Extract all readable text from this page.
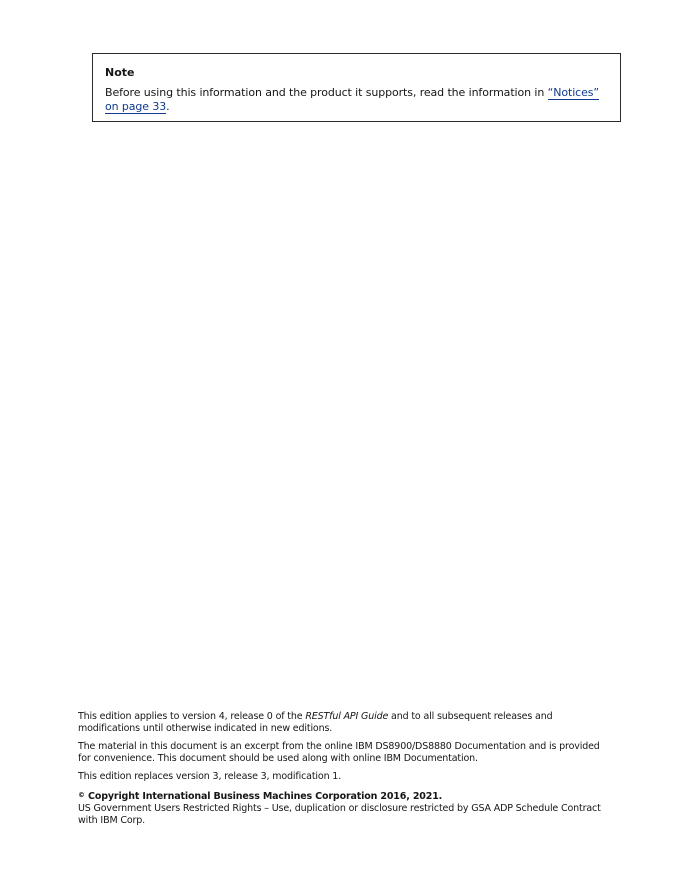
Note

Before using this information and the product it supports, read the information in “Notices” on page 33.

This edition applies to version 4, release 0 of the RESTful API Guide and to all subsequent releases and modifications until otherwise indicated in new editions.

The material in this document is an excerpt from the online IBM DS8900/DS8880 Documentation and is provided for convenience. This document should be used along with online IBM Documentation.

This edition replaces version 3, release 3, modification 1.

© Copyright International Business Machines Corporation 2016, 2021.

US Government Users Restricted Rights – Use, duplication or disclosure restricted by GSA ADP Schedule Contract with IBM Corp.
